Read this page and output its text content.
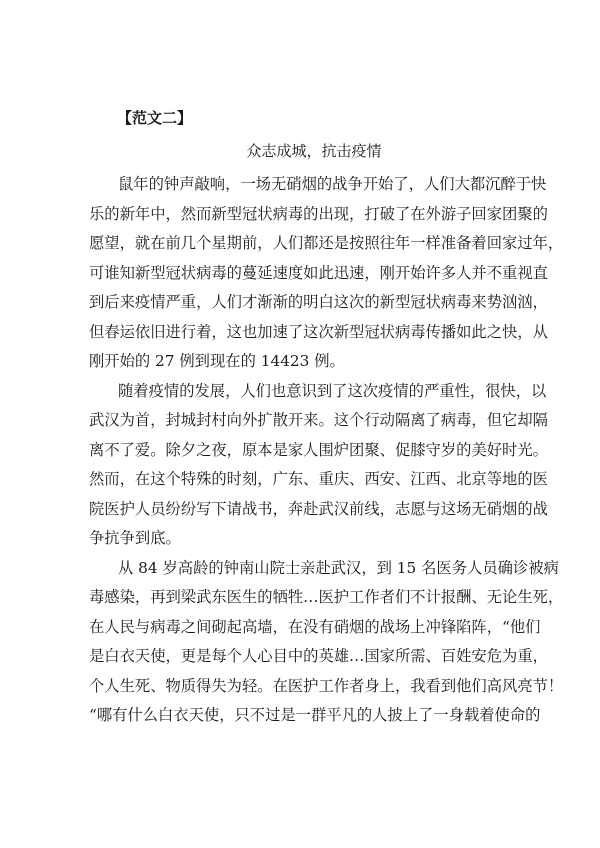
【范文二】
众志成城，抗击疫情

鼠年的钟声敲响，一场无硝烟的战争开始了，人们大都沉醉于快
乐的新年中，然而新型冠状病毒的出现，打破了在外游子回家团聚的
愿望，就在前几个星期前，人们都还是按照往年一样准备着回家过年，
可谁知新型冠状病毒的蔓延速度如此迅速，刚开始许多人并不重视直
到后来疫情严重，人们才渐渐的明白这次的新型冠状病毒来势汹汹，
但春运依旧进行着，这也加速了这次新型冠状病毒传播如此之快，从
刚开始的 27 例到现在的 14423 例。

随着疫情的发展，人们也意识到了这次疫情的严重性，很快，以
武汉为首，封城封村向外扩散开来。这个行动隔离了病毒，但它却隔
离不了爱。除夕之夜，原本是家人围炉团聚、促膝守岁的美好时光。
然而，在这个特殊的时刻，广东、重庆、西安、江西、北京等地的医
院医护人员纷纷写下请战书，奔赴武汉前线，志愿与这场无硝烟的战
争抗争到底。

从 84 岁高龄的钟南山院士亲赴武汉，到 15 名医务人员确诊被病
毒感染，再到梁武东医生的牺牲…医护工作者们不计报酬、无论生死，
在人民与病毒之间砌起高墙，在没有硝烟的战场上冲锋陷阵，“他们
是白衣天使，更是每个人心目中的英雄…国家所需、百姓安危为重，
个人生死、物质得失为轻。在医护工作者身上，我看到他们高风亮节！
“哪有什么白衣天使，只不过是一群平凡的人披上了一身载着使命的
